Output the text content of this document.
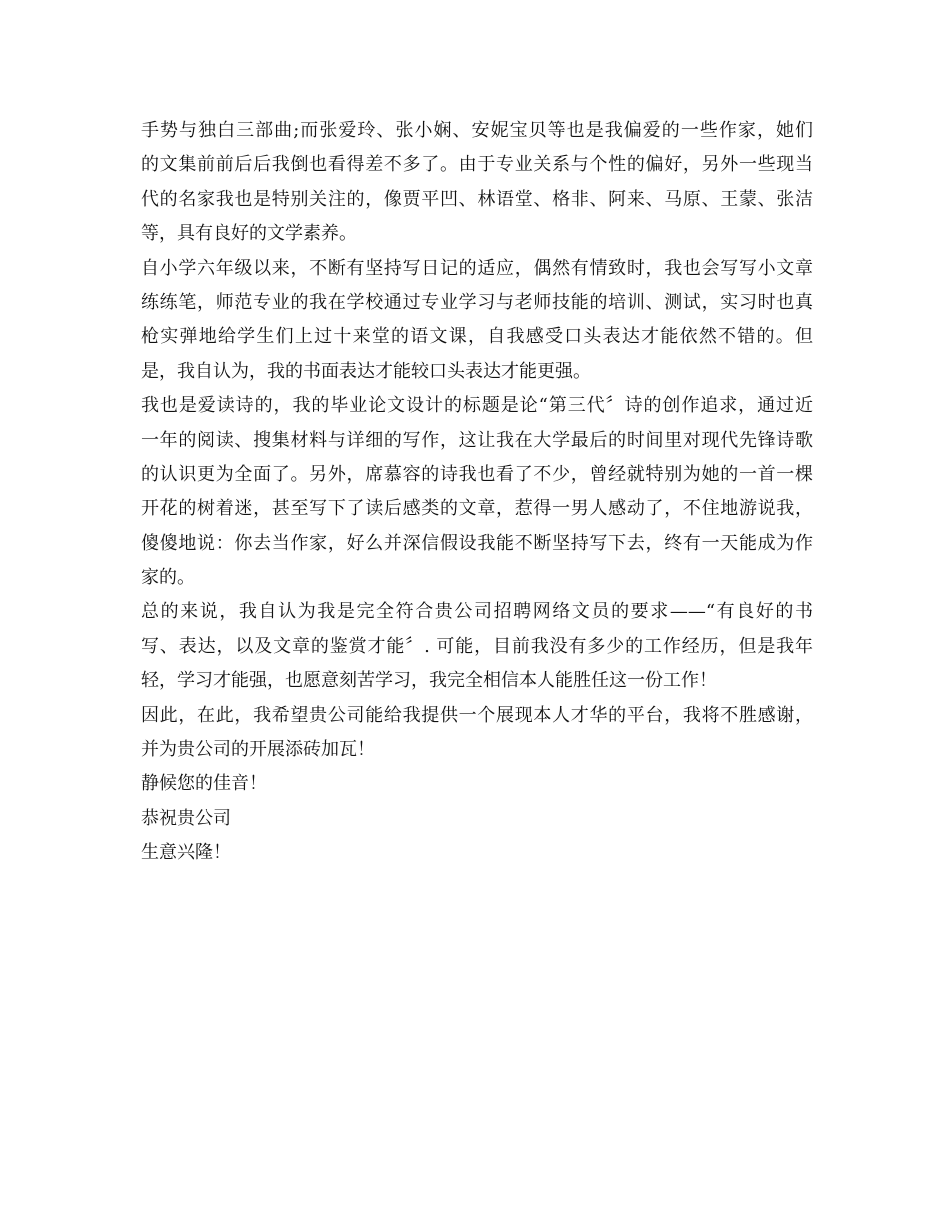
手势与独白三部曲;而张爱玲、张小娴、安妮宝贝等也是我偏爱的一些作家，她们
的文集前前后后我倒也看得差不多了。由于专业关系与个性的偏好，另外一些现当
代的名家我也是特别关注的，像贾平凹、林语堂、格非、阿来、马原、王蒙、张洁
等，具有良好的文学素养。
自小学六年级以来，不断有坚持写日记的适应，偶然有情致时，我也会写写小文章
练练笔，师范专业的我在学校通过专业学习与老师技能的培训、测试，实习时也真
枪实弹地给学生们上过十来堂的语文课，自我感受口头表达才能依然不错的。但
是，我自认为，我的书面表达才能较口头表达才能更强。
我也是爱读诗的，我的毕业论文设计的标题是论“第三代〞诗的创作追求，通过近
一年的阅读、搜集材料与详细的写作，这让我在大学最后的时间里对现代先锋诗歌
的认识更为全面了。另外，席慕容的诗我也看了不少，曾经就特别为她的一首一棵
开花的树着迷，甚至写下了读后感类的文章，惹得一男人感动了，不住地游说我，
傻傻地说：你去当作家，好么并深信假设我能不断坚持写下去，终有一天能成为作
家的。
总的来说，我自认为我是完全符合贵公司招聘网络文员的要求——“有良好的书
写、表达，以及文章的鉴赏才能〞. 可能，目前我没有多少的工作经历，但是我年
轻，学习才能强，也愿意刻苦学习，我完全相信本人能胜任这一份工作！
因此，在此，我希望贵公司能给我提供一个展现本人才华的平台，我将不胜感谢，
并为贵公司的开展添砖加瓦！
静候您的佳音！
恭祝贵公司
生意兴隆！
